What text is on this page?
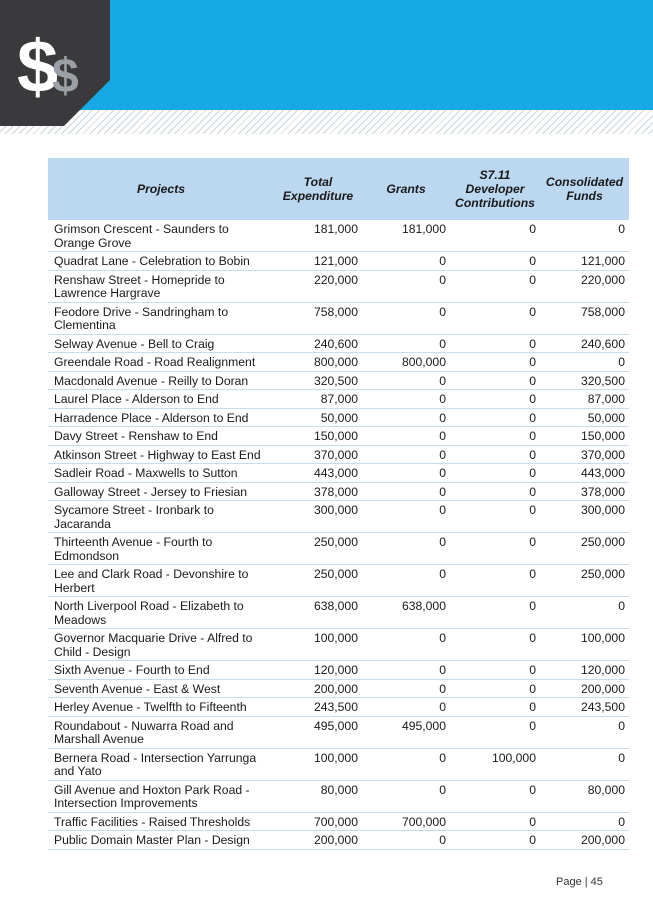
$
$
Projects	Total Expenditure	Grants	S7.11 Developer Contributions	Consolidated Funds
Grimson Crescent - Saunders to Orange Grove	181,000	181,000	0	0
Quadrat Lane - Celebration to Bobin	121,000	0	0	121,000
Renshaw Street - Homepride to Lawrence Hargrave	220,000	0	0	220,000
Feodore Drive - Sandringham to Clementina	758,000	0	0	758,000
Selway Avenue - Bell to Craig	240,600	0	0	240,600
Greendale Road - Road Realignment	800,000	800,000	0	0
Macdonald Avenue - Reilly to Doran	320,500	0	0	320,500
Laurel Place - Alderson to End	87,000	0	0	87,000
Harradence Place - Alderson to End	50,000	0	0	50,000
Davy Street - Renshaw to End	150,000	0	0	150,000
Atkinson Street - Highway to East End	370,000	0	0	370,000
Sadleir Road - Maxwells to Sutton	443,000	0	0	443,000
Galloway Street - Jersey to Friesian	378,000	0	0	378,000
Sycamore Street - Ironbark to Jacaranda	300,000	0	0	300,000
Thirteenth Avenue - Fourth to Edmondson	250,000	0	0	250,000
Lee and Clark Road - Devonshire to Herbert	250,000	0	0	250,000
North Liverpool Road - Elizabeth to Meadows	638,000	638,000	0	0
Governor Macquarie Drive - Alfred to Child - Design	100,000	0	0	100,000
Sixth Avenue - Fourth to End	120,000	0	0	120,000
Seventh Avenue - East & West	200,000	0	0	200,000
Herley Avenue - Twelfth to Fifteenth	243,500	0	0	243,500
Roundabout - Nuwarra Road and Marshall Avenue	495,000	495,000	0	0
Bernera Road - Intersection Yarrunga and Yato	100,000	0	100,000	0
Gill Avenue and Hoxton Park Road - Intersection Improvements	80,000	0	0	80,000
Traffic Facilities - Raised Thresholds	700,000	700,000	0	0
Public Domain Master Plan - Design	200,000	0	0	200,000
Page | 45
